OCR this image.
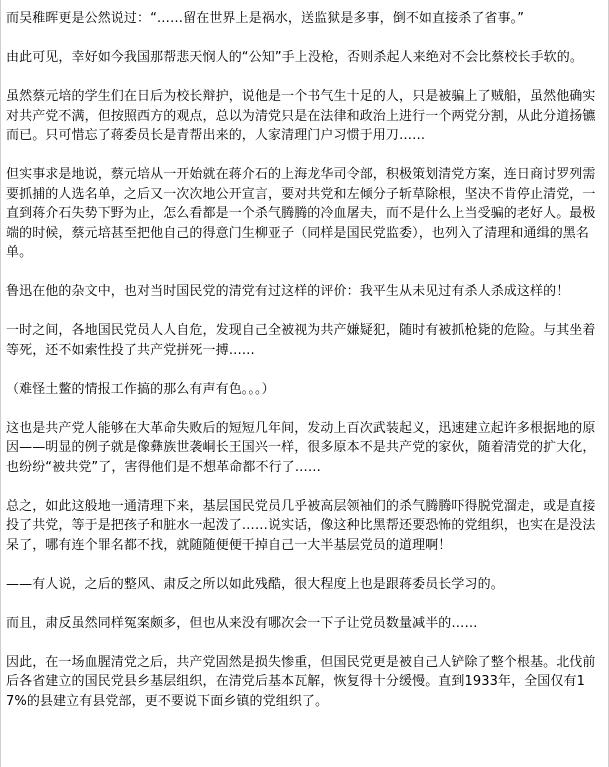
而吴稚晖更是公然说过：“……留在世界上是祸水，送监狱是多事，倒不如直接杀了省事。”

由此可见，幸好如今我国那帮悲天悯人的“公知”手上没枪，否则杀起人来绝对不会比蔡校长手软的。

虽然蔡元培的学生们在日后为校长辩护，说他是一个书气生十足的人，只是被骗上了贼船，虽然他确实对共产党不满，但按照西方的观点，总以为清党只是在法律和政治上进行一个两党分割，从此分道扬镳而已。只可惜忘了蒋委员长是青帮出来的，人家清理门户习惯于用刀……

但实事求是地说，蔡元培从一开始就在蒋介石的上海龙华司令部，积极策划清党方案，连日商讨罗列需要抓捕的人选名单，之后又一次次地公开宣言，要对共党和左倾分子斩草除根，坚决不肯停止清党，一直到蒋介石失势下野为止，怎么看都是一个杀气腾腾的冷血屠夫，而不是什么上当受骗的老好人。最极端的时候，蔡元培甚至把他自己的得意门生柳亚子（同样是国民党监委），也列入了清理和通缉的黑名单。

鲁迅在他的杂文中，也对当时国民党的清党有过这样的评价：我平生从未见过有杀人杀成这样的！

一时之间，各地国民党员人人自危，发现自己全被视为共产嫌疑犯，随时有被抓枪毙的危险。与其坐着等死，还不如索性投了共产党拼死一搏……

（难怪土鳖的情报工作搞的那么有声有色。。。）

这也是共产党人能够在大革命失败后的短短几年间，发动上百次武装起义，迅速建立起许多根据地的原因——明显的例子就是像彝族世袭峒长王国兴一样，很多原本不是共产党的家伙，随着清党的扩大化，也纷纷“被共党”了，害得他们是不想革命都不行了……

总之，如此这般地一通清理下来，基层国民党员几乎被高层领袖们的杀气腾腾吓得脱党溜走，或是直接投了共党，等于是把孩子和脏水一起泼了……说实话，像这种比黑帮还要恐怖的党组织，也实在是没法呆了，哪有连个罪名都不找，就随随便便干掉自己一大半基层党员的道理啊！

——有人说，之后的整风、肃反之所以如此残酷，很大程度上也是跟蒋委员长学习的。

而且，肃反虽然同样冤案颇多，但也从来没有哪次会一下子让党员数量减半的……

因此，在一场血腥清党之后，共产党固然是损失惨重，但国民党更是被自己人铲除了整个根基。北伐前后各省建立的国民党县乡基层组织，在清党后基本瓦解，恢复得十分缓慢。直到1933年，全国仅有17%的县建立有县党部，更不要说下面乡镇的党组织了。
